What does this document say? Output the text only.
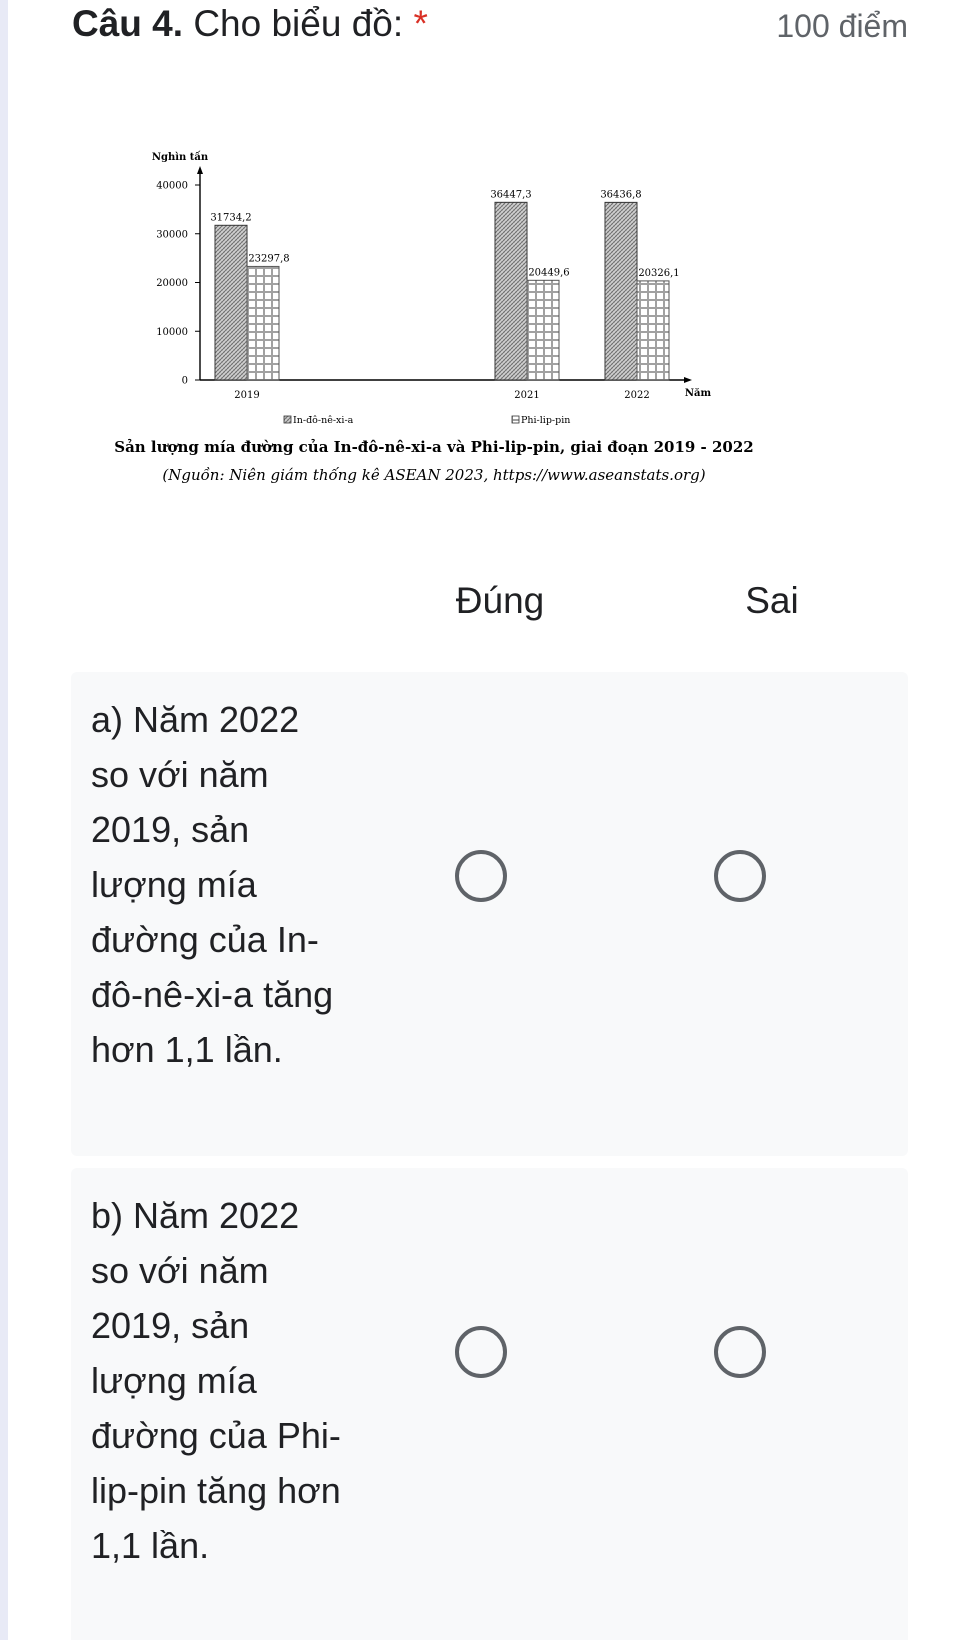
Câu 4. Cho biểu đồ: *	100 điểm
Nghìn tấn
Năm
0
10000
20000
30000
40000
2019
31734,2
23297,8
2021
36447,3
20449,6
2022
36436,8
20326,1
In-đô-nê-xi-a	Phi-lip-pin
Sản lượng mía đường của In-đô-nê-xi-a và Phi-lip-pin, giai đoạn 2019 - 2022
(Nguồn: Niên giám thống kê ASEAN 2023, https://www.aseanstats.org)
Đúng	Sai
a) Năm 2022 so với năm 2019, sản lượng mía đường của In-đô-nê-xi-a tăng hơn 1,1 lần.
b) Năm 2022 so với năm 2019, sản lượng mía đường của Phi-lip-pin tăng hơn 1,1 lần.
